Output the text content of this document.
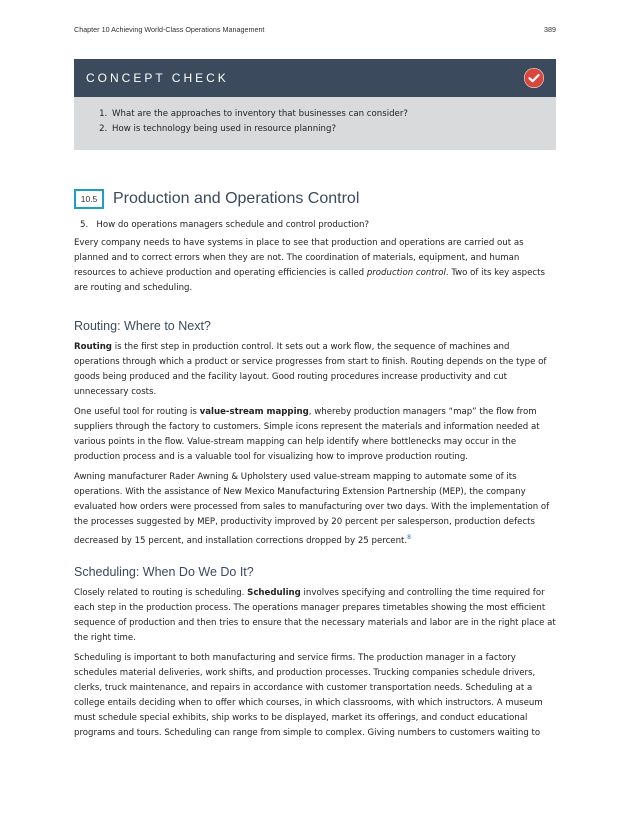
Chapter 10 Achieving World-Class Operations Management	389
CONCEPT CHECK
1. What are the approaches to inventory that businesses can consider?
2. How is technology being used in resource planning?
10.5 Production and Operations Control
5. How do operations managers schedule and control production?

Every company needs to have systems in place to see that production and operations are carried out as planned and to correct errors when they are not. The coordination of materials, equipment, and human resources to achieve production and operating efficiencies is called production control. Two of its key aspects are routing and scheduling.

Routing: Where to Next?

Routing is the first step in production control. It sets out a work flow, the sequence of machines and operations through which a product or service progresses from start to finish. Routing depends on the type of goods being produced and the facility layout. Good routing procedures increase productivity and cut unnecessary costs.

One useful tool for routing is value-stream mapping, whereby production managers “map” the flow from suppliers through the factory to customers. Simple icons represent the materials and information needed at various points in the flow. Value-stream mapping can help identify where bottlenecks may occur in the production process and is a valuable tool for visualizing how to improve production routing.

Awning manufacturer Rader Awning & Upholstery used value-stream mapping to automate some of its operations. With the assistance of New Mexico Manufacturing Extension Partnership (MEP), the company evaluated how orders were processed from sales to manufacturing over two days. With the implementation of the processes suggested by MEP, productivity improved by 20 percent per salesperson, production defects decreased by 15 percent, and installation corrections dropped by 25 percent.$^8$

Scheduling: When Do We Do It?

Closely related to routing is scheduling. Scheduling involves specifying and controlling the time required for each step in the production process. The operations manager prepares timetables showing the most efficient sequence of production and then tries to ensure that the necessary materials and labor are in the right place at the right time.

Scheduling is important to both manufacturing and service firms. The production manager in a factory schedules material deliveries, work shifts, and production processes. Trucking companies schedule drivers, clerks, truck maintenance, and repairs in accordance with customer transportation needs. Scheduling at a college entails deciding when to offer which courses, in which classrooms, with which instructors. A museum must schedule special exhibits, ship works to be displayed, market its offerings, and conduct educational programs and tours. Scheduling can range from simple to complex. Giving numbers to customers waiting to
